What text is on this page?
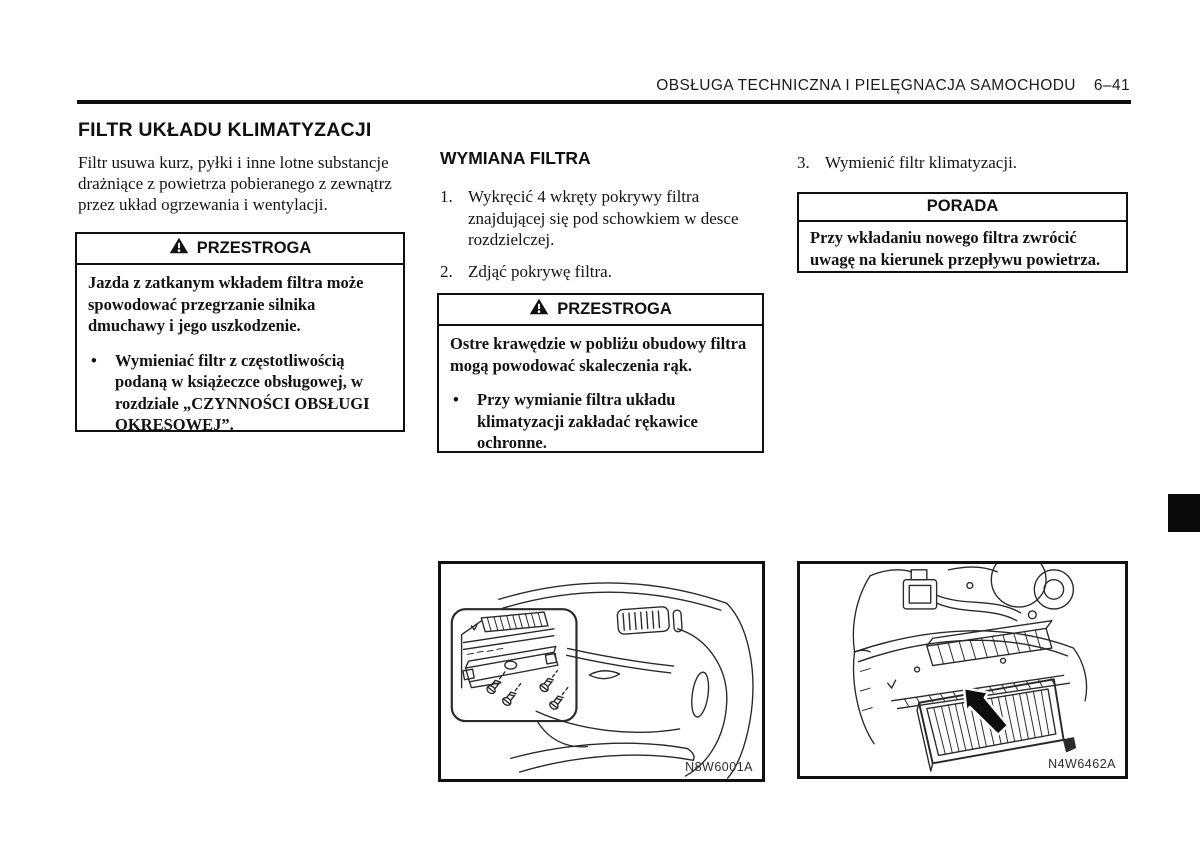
OBSŁUGA TECHNICZNA I PIELĘGNACJA SAMOCHODU 6–41
FILTR UKŁADU KLIMATYZACJI
Filtr usuwa kurz, pyłki i inne lotne substancje drażniące z powietrza pobieranego z zewnątrz przez układ ogrzewania i wentylacji.
PRZESTROGA
Jazda z zatkanym wkładem filtra może spowodować przegrzanie silnika dmuchawy i jego uszkodzenie.
•	Wymieniać filtr z częstotliwością podaną w książeczce obsługowej, w rozdziale „CZYNNOŚCI OBSŁUGI OKRESOWEJ”.
WYMIANA FILTRA
1. Wykręcić 4 wkręty pokrywy filtra znajdującej się pod schowkiem w desce rozdzielczej.
2. Zdjąć pokrywę filtra.
PRZESTROGA
Ostre krawędzie w pobliżu obudowy filtra mogą powodować skaleczenia rąk.
•	Przy wymianie filtra układu klimatyzacji zakładać rękawice ochronne.
3. Wymienić filtr klimatyzacji.
PORADA
Przy wkładaniu nowego filtra zwrócić uwagę na kierunek przepływu powietrza.
N8W6001A	N4W6462A
